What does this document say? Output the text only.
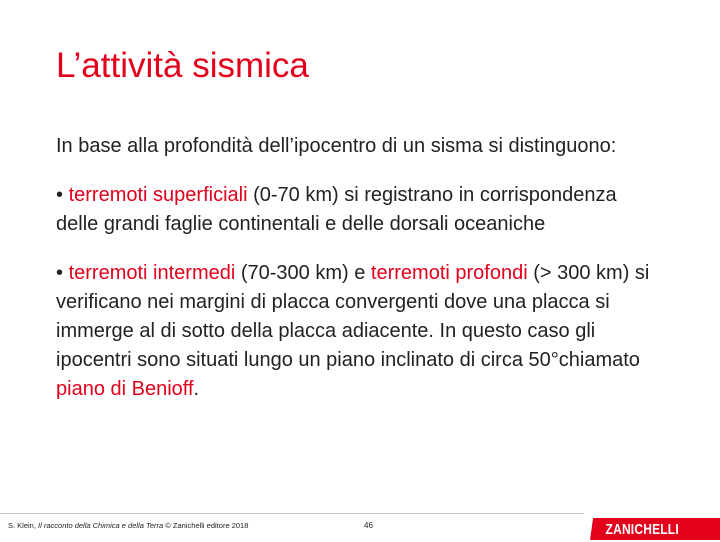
L’attività sismica

In base alla profondità dell’ipocentro di un sisma si distinguono:

• terremoti superficiali (0-70 km) si registrano in corrispondenza delle grandi faglie continentali e delle dorsali oceaniche

• terremoti intermedi (70-300 km) e terremoti profondi (> 300 km) si verificano nei margini di placca convergenti dove una placca si immerge al di sotto della placca adiacente. In questo caso gli ipocentri sono situati lungo un piano inclinato di circa 50°chiamato piano di Benioff.

S. Klein, Il racconto della Chimica e della Terra © Zanichelli editore 2018	46	ZANICHELLI
